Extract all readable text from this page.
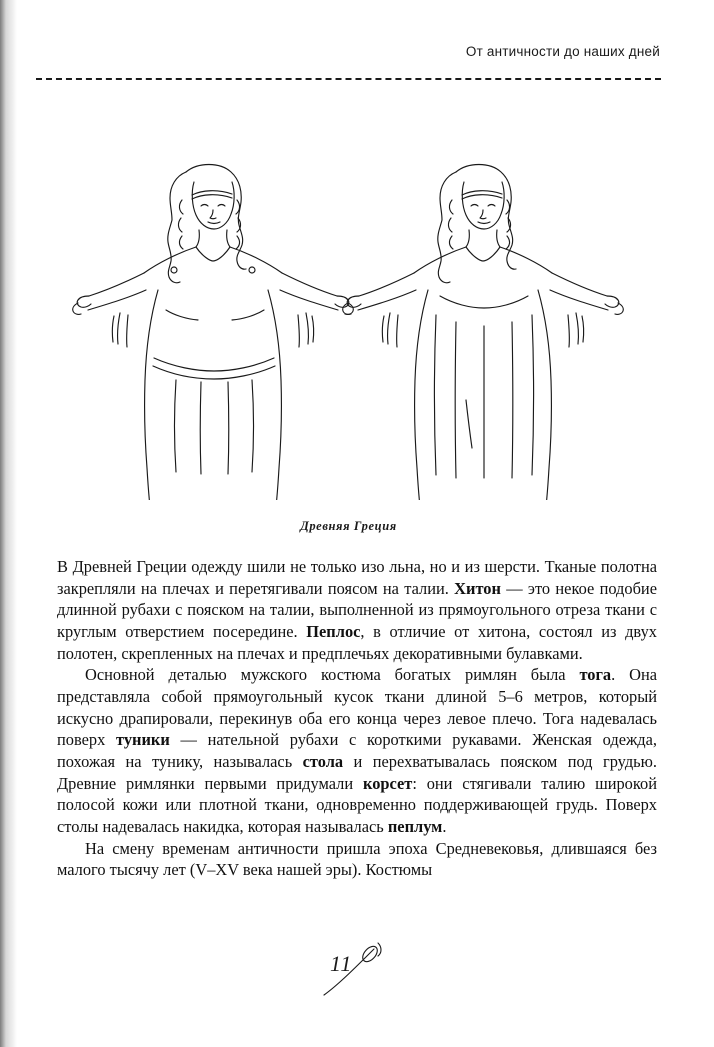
От античности до наших дней
Древняя Греция

В Древней Греции одежду шили не только изо льна, но и из шерсти. Тканые полотна закрепляли на плечах и перетягивали поясом на талии. Хитон — это некое подобие длинной рубахи с пояском на талии, выполненной из прямоугольного отреза ткани с круглым отверстием посередине. Пеплос, в отличие от хитона, состоял из двух полотен, скрепленных на плечах и предплечьях декоративными булавками.

Основной деталью мужского костюма богатых римлян была тога. Она представляла собой прямоугольный кусок ткани длиной 5–6 метров, который искусно драпировали, перекинув оба его конца через левое плечо. Тога надевалась поверх туники — нательной рубахи с короткими рукавами. Женская одежда, похожая на тунику, называлась стола и перехватывалась пояском под грудью. Древние римлянки первыми придумали корсет: они стягивали талию широкой полосой кожи или плотной ткани, одновременно поддерживающей грудь. Поверх столы надевалась накидка, которая называлась пеплум.

На смену временам античности пришла эпоха Средневековья, длившаяся без малого тысячу лет (V–XV века нашей эры). Костюмы

11
